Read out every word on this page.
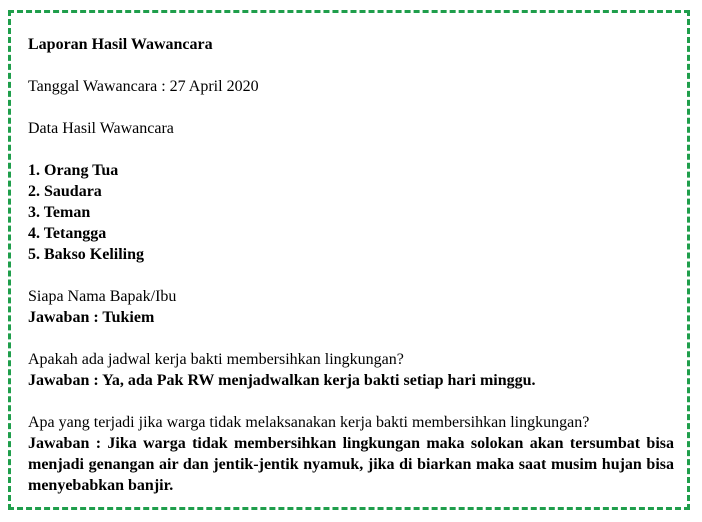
Laporan Hasil Wawancara

Tanggal Wawancara : 27 April 2020

Data Hasil Wawancara

1. Orang Tua
2. Saudara
3. Teman
4. Tetangga
5. Bakso Keliling

Siapa Nama Bapak/Ibu

Jawaban : Tukiem

Apakah ada jadwal kerja bakti membersihkan lingkungan?

Jawaban : Ya, ada Pak RW menjadwalkan kerja bakti setiap hari minggu.

Apa yang terjadi jika warga tidak melaksanakan kerja bakti membersihkan lingkungan?

Jawaban : Jika warga tidak membersihkan lingkungan maka solokan akan tersumbat bisa menjadi genangan air dan jentik-jentik nyamuk, jika di biarkan maka saat musim hujan bisa menyebabkan banjir.
